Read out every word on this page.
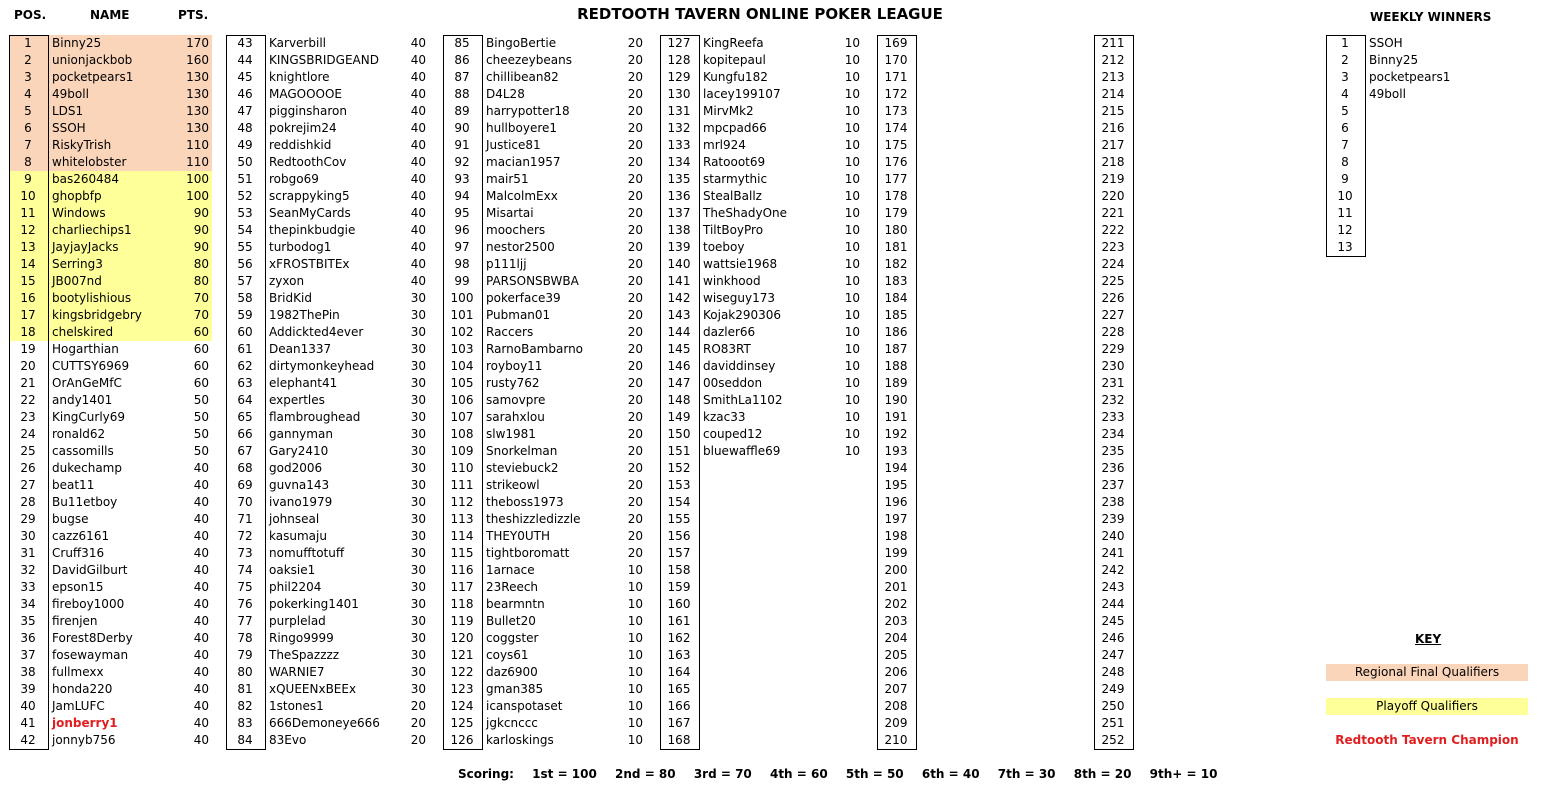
REDTOOTH TAVERN ONLINE POKER LEAGUE
POS.	NAME	PTS.	WEEKLY WINNERS
1	Binny25	170
2	unionjackbob	160
3	pocketpears1	130
4	49boll	130
5	LDS1	130
6	SSOH	130
7	RiskyTrish	110
8	whitelobster	110
9	bas260484	100
10	ghopbfp	100
11	Windows	90
12	charliechips1	90
13	JayjayJacks	90
14	Serring3	80
15	JB007nd	80
16	bootylishious	70
17	kingsbridgebry	70
18	chelskired	60
19	Hogarthian	60
20	CUTTSY6969	60
21	OrAnGeMfC	60
22	andy1401	50
23	KingCurly69	50
24	ronald62	50
25	cassomills	50
26	dukechamp	40
27	beat11	40
28	Bu11etboy	40
29	bugse	40
30	cazz6161	40
31	Cruff316	40
32	DavidGilburt	40
33	epson15	40
34	fireboy1000	40
35	firenjen	40
36	Forest8Derby	40
37	fosewayman	40
38	fullmexx	40
39	honda220	40
40	JamLUFC	40
41	jonberry1	40
42	jonnyb756	40
43	Karverbill	40
44	KINGSBRIDGEAND	40
45	knightlore	40
46	MAGOOOOE	40
47	pigginsharon	40
48	pokrejim24	40
49	reddishkid	40
50	RedtoothCov	40
51	robgo69	40
52	scrappyking5	40
53	SeanMyCards	40
54	thepinkbudgie	40
55	turbodog1	40
56	xFROSTBITEx	40
57	zyxon	40
58	BridKid	30
59	1982ThePin	30
60	Addickted4ever	30
61	Dean1337	30
62	dirtymonkeyhead	30
63	elephant41	30
64	expertles	30
65	flambroughead	30
66	gannyman	30
67	Gary2410	30
68	god2006	30
69	guvna143	30
70	ivano1979	30
71	johnseal	30
72	kasumaju	30
73	nomufftotuff	30
74	oaksie1	30
75	phil2204	30
76	pokerking1401	30
77	purplelad	30
78	Ringo9999	30
79	TheSpazzzz	30
80	WARNIE7	30
81	xQUEENxBEEx	30
82	1stones1	20
83	666Demoneye666	20
84	83Evo	20
85	BingoBertie	20
86	cheezeybeans	20
87	chillibean82	20
88	D4L28	20
89	harrypotter18	20
90	hullboyere1	20
91	Justice81	20
92	macian1957	20
93	mair51	20
94	MalcolmExx	20
95	Misartai	20
96	moochers	20
97	nestor2500	20
98	p111ljj	20
99	PARSONSBWBA	20
100	pokerface39	20
101	Pubman01	20
102	Raccers	20
103	RarnoBambarno	20
104	royboy11	20
105	rusty762	20
106	samovpre	20
107	sarahxlou	20
108	slw1981	20
109	Snorkelman	20
110	steviebuck2	20
111	strikeowl	20
112	theboss1973	20
113	theshizzledizzle	20
114	THEY0UTH	20
115	tightboromatt	20
116	1arnace	10
117	23Reech	10
118	bearmntn	10
119	Bullet20	10
120	coggster	10
121	coys61	10
122	daz6900	10
123	gman385	10
124	icanspotaset	10
125	jgkcnccc	10
126	karloskings	10
127	KingReefa	10
128	kopitepaul	10
129	Kungfu182	10
130	lacey199107	10
131	MirvMk2	10
132	mpcpad66	10
133	mrl924	10
134	Ratooot69	10
135	starmythic	10
136	StealBallz	10
137	TheShadyOne	10
138	TiltBoyPro	10
139	toeboy	10
140	wattsie1968	10
141	winkhood	10
142	wiseguy173	10
143	Kojak290306	10
144	dazler66	10
145	RO83RT	10
146	daviddinsey	10
147	00seddon	10
148	SmithLa1102	10
149	kzac33	10
150	couped12	10
151	bluewaffle69	10
152
153
154
155
156
157
158
159
160
161
162
163
164
165
166
167
168
169
170
171
172
173
174
175
176
177
178
179
180
181
182
183
184
185
186
187
188
189
190
191
192
193
194
195
196
197
198
199
200
201
202
203
204
205
206
207
208
209
210
211
212
213
214
215
216
217
218
219
220
221
222
223
224
225
226
227
228
229
230
231
232
233
234
235
236
237
238
239
240
241
242
243
244
245
246
247
248
249
250
251
252
1	SSOH
2	Binny25
3	pocketpears1
4	49boll
5
6
7
8
9
10
11
12
13
KEY
Regional Final Qualifiers
Playoff Qualifiers
Redtooth Tavern Champion
Scoring: 1st = 100 2nd = 80 3rd = 70 4th = 60 5th = 50 6th = 40 7th = 30 8th = 20 9th+ = 10
